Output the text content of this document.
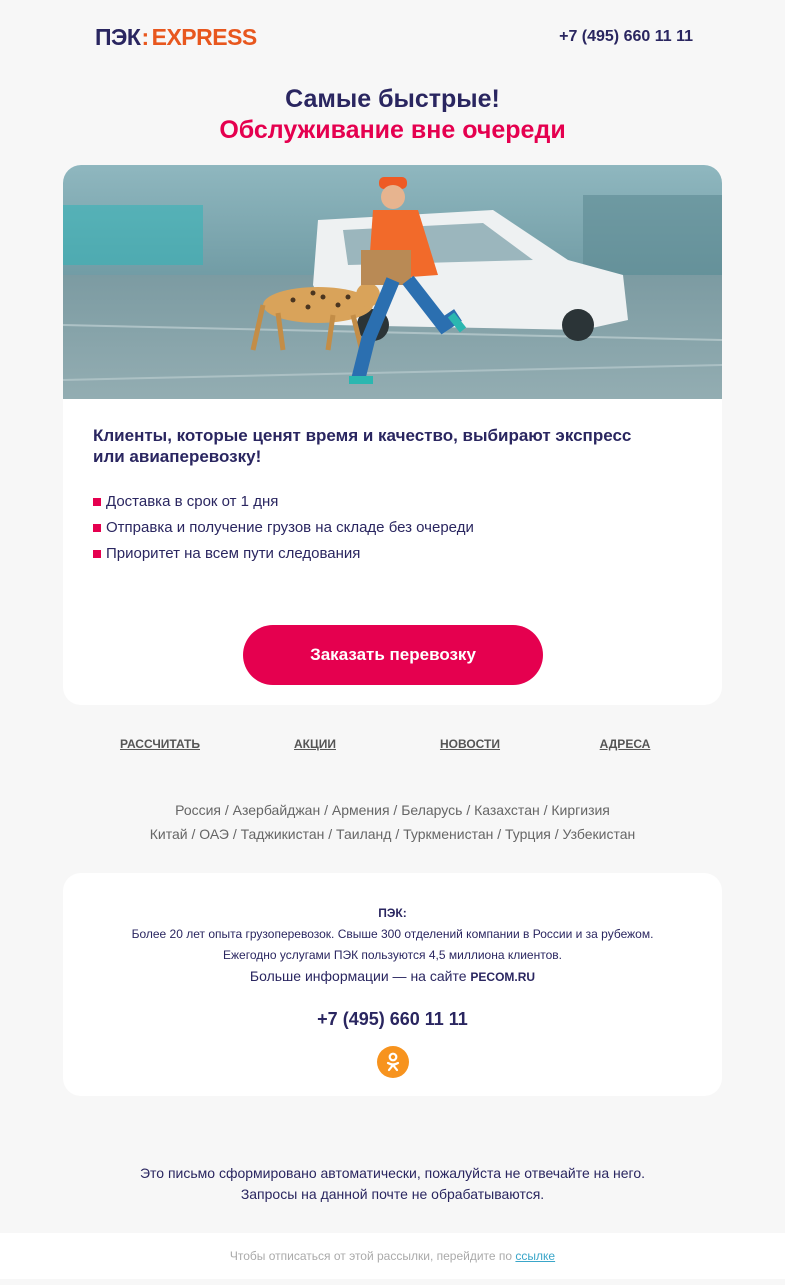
ПЭК : EXPRESS	+7 (495) 660 11 11
Самые быстрые!
Обслуживание вне очереди

Клиенты, которые ценят время и качество, выбирают экспресс или авиаперевозку!

Доставка в срок от 1 дня
Отправка и получение грузов на складе без очереди
Приоритет на всем пути следования
Заказать перевозку
РАССЧИТАТЬ	АКЦИИ	НОВОСТИ	АДРЕСА
Россия / Азербайджан / Армения / Беларусь / Казахстан / Киргизия
Китай / ОАЭ / Таджикистан / Таиланд / Туркменистан / Турция / Узбекистан
ПЭК:
Более 20 лет опыта грузоперевозок. Свыше 300 отделений компании в России и за рубежом.
Ежегодно услугами ПЭК пользуются 4,5 миллиона клиентов.
Больше информации — на сайте PECOM.RU
+7 (495) 660 11 11
Это письмо сформировано автоматически, пожалуйста не отвечайте на него.
Запросы на данной почте не обрабатываются.
Чтобы отписаться от этой рассылки, перейдите по ссылке
